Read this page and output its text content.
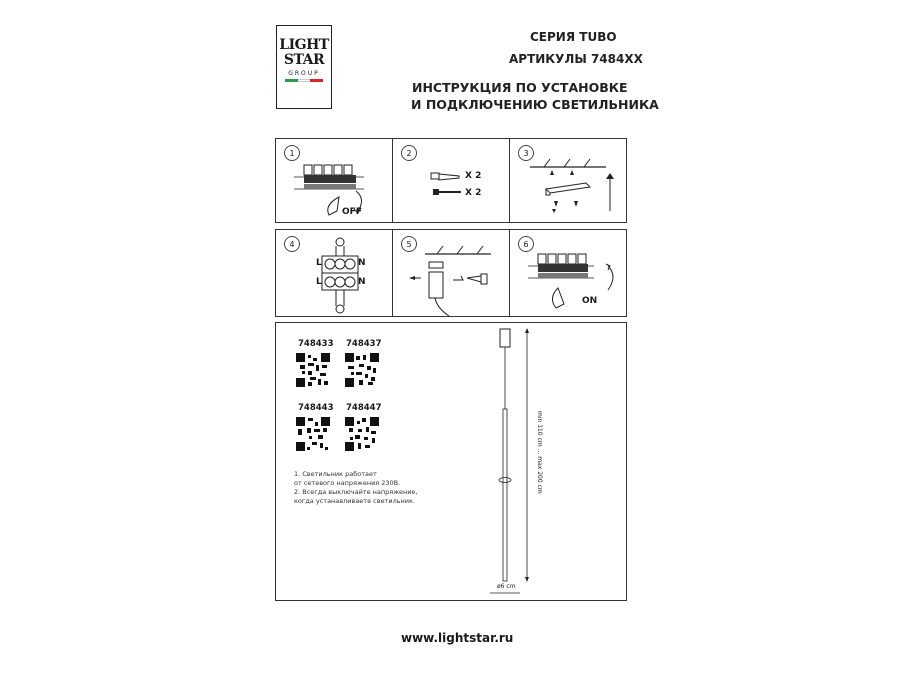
LIGHT
STAR
GROUP
СЕРИЯ TUBO
АРТИКУЛЫ 7484XX
ИНСТРУКЦИЯ ПО УСТАНОВКЕ
И ПОДКЛЮЧЕНИЮ СВЕТИЛЬНИКА
1
OFF
2
X 2
X 2
3
4
L	N
L	N
5	6
ON
748433 748437
748443 748447
1. Светильник работает
от сетевого напряжения 230В.
2. Всегда выключайте напряжение,
когда устанавливаете светильник.
min 110 cm ... max 200 cm
ø6 cm
www.lightstar.ru
